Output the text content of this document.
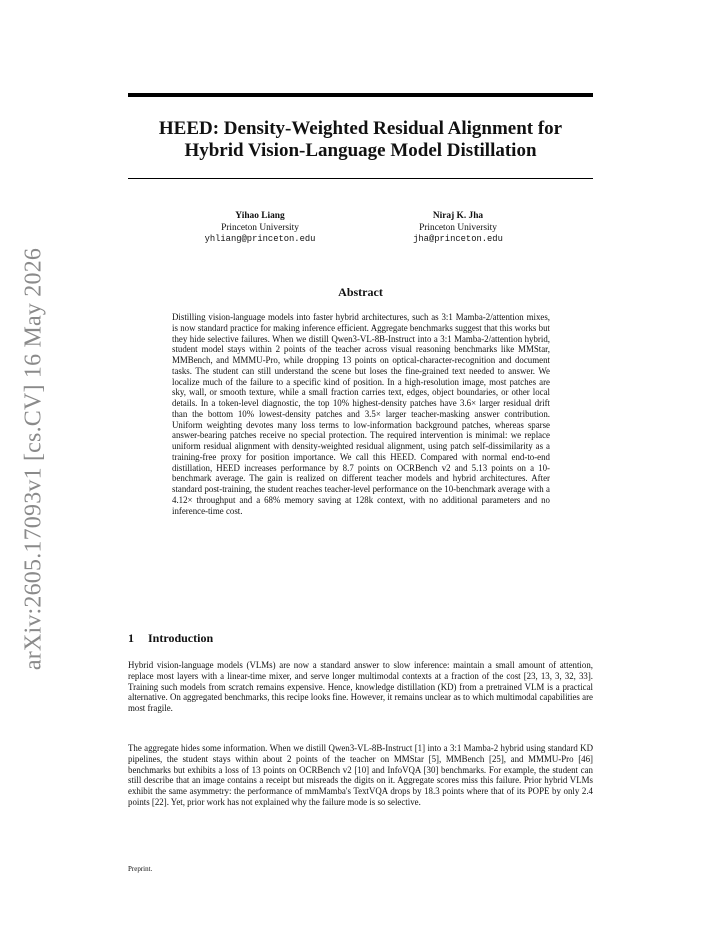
arXiv:2605.17093v1 [cs.CV] 16 May 2026
HEED: Density-Weighted Residual Alignment for
Hybrid Vision-Language Model Distillation
Yihao Liang
Princeton University
yhliang@princeton.edu
Niraj K. Jha
Princeton University
jha@princeton.edu
Abstract

Distilling vision-language models into faster hybrid architectures, such as 3:1 Mamba-2/attention mixes, is now standard practice for making inference efficient. Aggregate benchmarks suggest that this works but they hide selective failures. When we distill Qwen3-VL-8B-Instruct into a 3:1 Mamba-2/attention hybrid, student model stays within 2 points of the teacher across visual reasoning benchmarks like MMStar, MMBench, and MMMU-Pro, while dropping 13 points on optical-character-recognition and document tasks. The student can still understand the scene but loses the fine-grained text needed to answer. We localize much of the failure to a specific kind of position. In a high-resolution image, most patches are sky, wall, or smooth texture, while a small fraction carries text, edges, object boundaries, or other local details. In a token-level diagnostic, the top 10% highest-density patches have 3.6× larger residual drift than the bottom 10% lowest-density patches and 3.5× larger teacher-masking answer contribution. Uniform weighting devotes many loss terms to low-information background patches, whereas sparse answer-bearing patches receive no special protection. The required intervention is minimal: we replace uniform residual alignment with density-weighted residual alignment, using patch self-dissimilarity as a training-free proxy for position importance. We call this HEED. Compared with normal end-to-end distillation, HEED increases performance by 8.7 points on OCRBench v2 and 5.13 points on a 10-benchmark average. The gain is realized on different teacher models and hybrid architectures. After standard post-training, the student reaches teacher-level performance on the 10-benchmark average with a 4.12× throughput and a 68% memory saving at 128k context, with no additional parameters and no inference-time cost.

1 Introduction

Hybrid vision-language models (VLMs) are now a standard answer to slow inference: maintain a small amount of attention, replace most layers with a linear-time mixer, and serve longer multimodal contexts at a fraction of the cost [23, 13, 3, 32, 33]. Training such models from scratch remains expensive. Hence, knowledge distillation (KD) from a pretrained VLM is a practical alternative. On aggregated benchmarks, this recipe looks fine. However, it remains unclear as to which multimodal capabilities are most fragile.

The aggregate hides some information. When we distill Qwen3-VL-8B-Instruct [1] into a 3:1 Mamba-2 hybrid using standard KD pipelines, the student stays within about 2 points of the teacher on MMStar [5], MMBench [25], and MMMU-Pro [46] benchmarks but exhibits a loss of 13 points on OCRBench v2 [10] and InfoVQA [30] benchmarks. For example, the student can still describe that an image contains a receipt but misreads the digits on it. Aggregate scores miss this failure. Prior hybrid VLMs exhibit the same asymmetry: the performance of mmMamba's TextVQA drops by 18.3 points where that of its POPE by only 2.4 points [22]. Yet, prior work has not explained why the failure mode is so selective.

Preprint.
